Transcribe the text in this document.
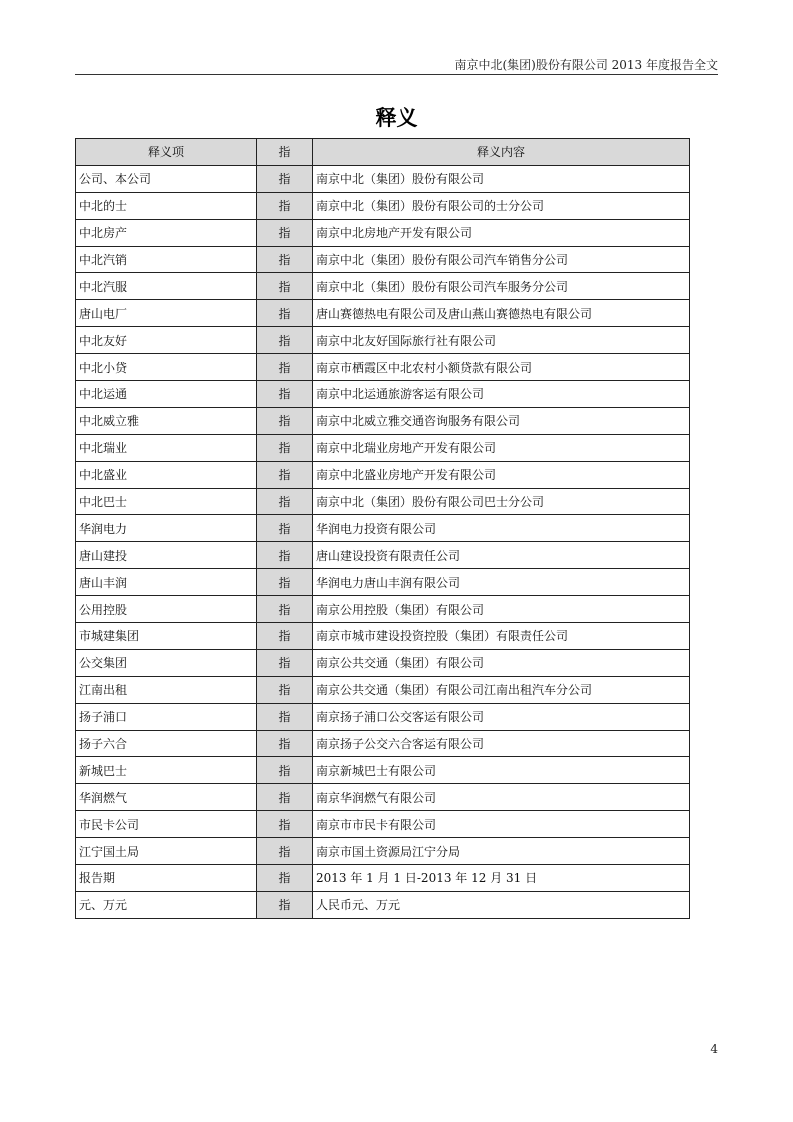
南京中北(集团)股份有限公司 2013 年度报告全文
释义
释义项	指	释义内容
公司、本公司	指	南京中北（集团）股份有限公司
中北的士	指	南京中北（集团）股份有限公司的士分公司
中北房产	指	南京中北房地产开发有限公司
中北汽销	指	南京中北（集团）股份有限公司汽车销售分公司
中北汽服	指	南京中北（集团）股份有限公司汽车服务分公司
唐山电厂	指	唐山赛德热电有限公司及唐山燕山赛德热电有限公司
中北友好	指	南京中北友好国际旅行社有限公司
中北小贷	指	南京市栖霞区中北农村小额贷款有限公司
中北运通	指	南京中北运通旅游客运有限公司
中北威立雅	指	南京中北威立雅交通咨询服务有限公司
中北瑞业	指	南京中北瑞业房地产开发有限公司
中北盛业	指	南京中北盛业房地产开发有限公司
中北巴士	指	南京中北（集团）股份有限公司巴士分公司
华润电力	指	华润电力投资有限公司
唐山建投	指	唐山建设投资有限责任公司
唐山丰润	指	华润电力唐山丰润有限公司
公用控股	指	南京公用控股（集团）有限公司
市城建集团	指	南京市城市建设投资控股（集团）有限责任公司
公交集团	指	南京公共交通（集团）有限公司
江南出租	指	南京公共交通（集团）有限公司江南出租汽车分公司
扬子浦口	指	南京扬子浦口公交客运有限公司
扬子六合	指	南京扬子公交六合客运有限公司
新城巴士	指	南京新城巴士有限公司
华润燃气	指	南京华润燃气有限公司
市民卡公司	指	南京市市民卡有限公司
江宁国土局	指	南京市国土资源局江宁分局
报告期	指	2013 年 1 月 1 日-2013 年 12 月 31 日
元、万元	指	人民币元、万元
4
